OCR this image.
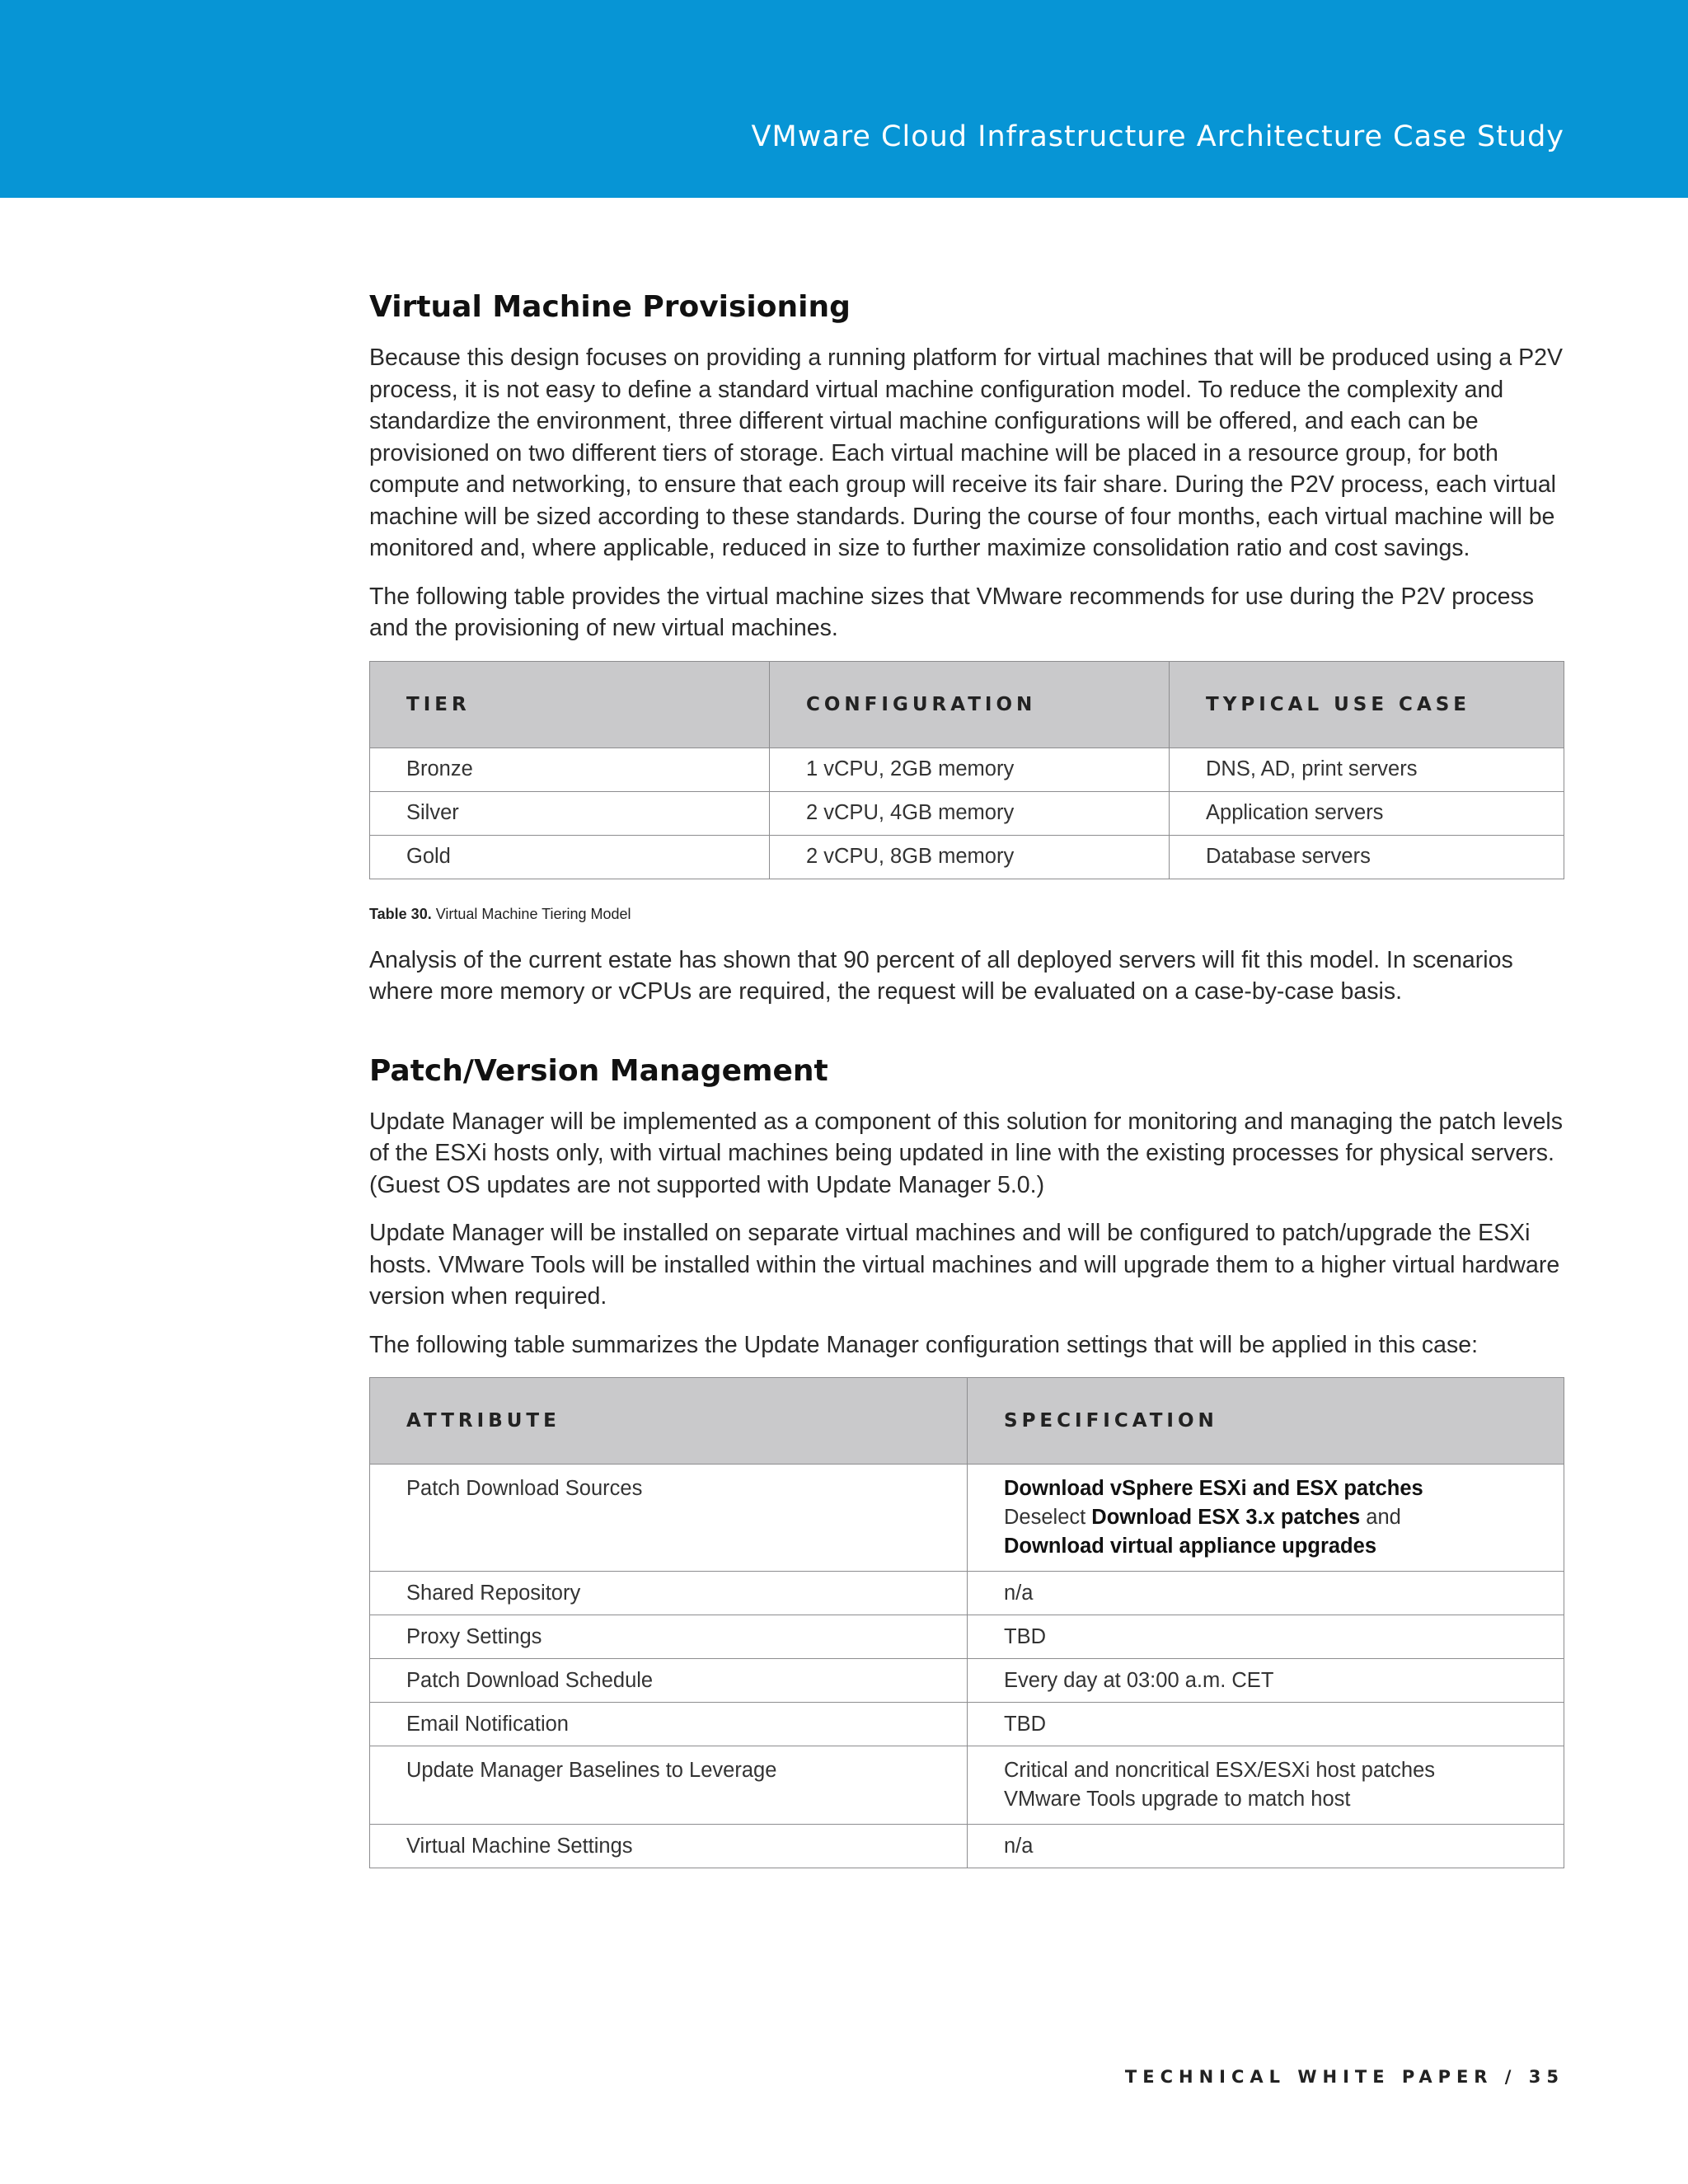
VMware Cloud Infrastructure Architecture Case Study
Virtual Machine Provisioning

Because this design focuses on providing a running platform for virtual machines that will be produced using a P2V process, it is not easy to define a standard virtual machine configuration model. To reduce the complexity and standardize the environment, three different virtual machine configurations will be offered, and each can be provisioned on two different tiers of storage. Each virtual machine will be placed in a resource group, for both compute and networking, to ensure that each group will receive its fair share. During the P2V process, each virtual machine will be sized according to these standards. During the course of four months, each virtual machine will be monitored and, where applicable, reduced in size to further maximize consolidation ratio and cost savings.

The following table provides the virtual machine sizes that VMware recommends for use during the P2V process and the provisioning of new virtual machines.

TIER	CONFIGURATION	TYPICAL USE CASE
Bronze	1 vCPU, 2GB memory	DNS, AD, print servers
Silver	2 vCPU, 4GB memory	Application servers
Gold	2 vCPU, 8GB memory	Database servers
Table 30. Virtual Machine Tiering Model

Analysis of the current estate has shown that 90 percent of all deployed servers will fit this model. In scenarios where more memory or vCPUs are required, the request will be evaluated on a case-by-case basis.

Patch/Version Management

Update Manager will be implemented as a component of this solution for monitoring and managing the patch levels of the ESXi hosts only, with virtual machines being updated in line with the existing processes for physical servers. (Guest OS updates are not supported with Update Manager 5.0.)

Update Manager will be installed on separate virtual machines and will be configured to patch/upgrade the ESXi hosts. VMware Tools will be installed within the virtual machines and will upgrade them to a higher virtual hardware version when required.

The following table summarizes the Update Manager configuration settings that will be applied in this case:

ATTRIBUTE	SPECIFICATION
Patch Download Sources	Download vSphere ESXi and ESX patches
Deselect Download ESX 3.x patches and
Download virtual appliance upgrades
Shared Repository	n/a
Proxy Settings	TBD
Patch Download Schedule	Every day at 03:00 a.m. CET
Email Notification	TBD
Update Manager Baselines to Leverage	Critical and noncritical ESX/ESXi host patches
VMware Tools upgrade to match host
Virtual Machine Settings	n/a
TECHNICAL WHITE PAPER / 35
